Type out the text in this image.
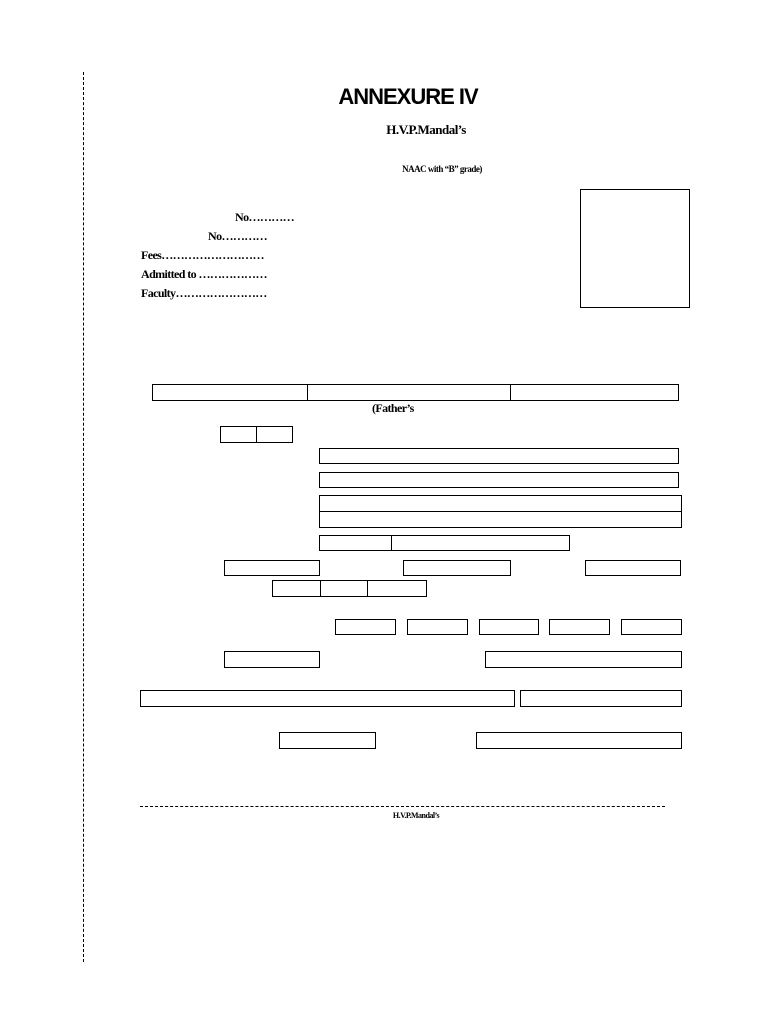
ANNEXURE IV
H.V.P.Mandal’s
NAAC with “B” grade)
No…………
No…………
Fees………………………
Admitted to ………………
Faculty……………………
(Father’s
H.V.P.Mandal’s
